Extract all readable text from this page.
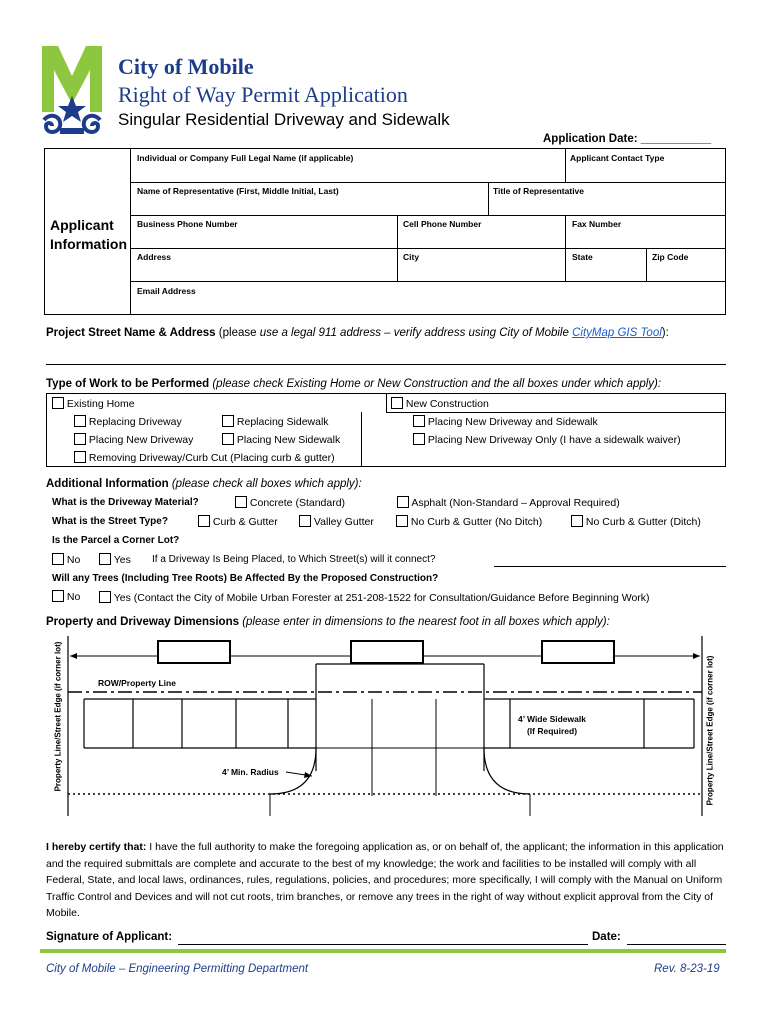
City of Mobile
Right of Way Permit Application
Singular Residential Driveway and Sidewalk
Application Date: ___________
Applicant
Information
Individual or Company Full Legal Name (if applicable)	Applicant Contact Type
Name of Representative (First, Middle Initial, Last)	Title of Representative
Business Phone Number	Cell Phone Number	Fax Number
Address	City	State	Zip Code
Email Address
Project Street Name & Address (please use a legal 911 address – verify address using City of Mobile CityMap GIS Tool):
Type of Work to be Performed (please check Existing Home or New Construction and the all boxes under which apply):
Existing Home	New Construction
Replacing Driveway	Replacing Sidewalk
Placing New Driveway	Placing New Sidewalk
Removing Driveway/Curb Cut (Placing curb & gutter)
Placing New Driveway and Sidewalk
Placing New Driveway Only (I have a sidewalk waiver)
Additional Information (please check all boxes which apply):
What is the Driveway Material?	Concrete (Standard)	Asphalt (Non-Standard – Approval Required)
What is the Street Type?	Curb & Gutter	Valley Gutter	No Curb & Gutter (No Ditch)	No Curb & Gutter (Ditch)
Is the Parcel a Corner Lot?
No	Yes If a Driveway Is Being Placed, to Which Street(s) will it connect?
Will any Trees (Including Tree Roots) Be Affected By the Proposed Construction?
No	Yes (Contact the City of Mobile Urban Forester at 251-208-1522 for Consultation/Guidance Before Beginning Work)
Property and Driveway Dimensions (please enter in dimensions to the nearest foot in all boxes which apply):
Property Line/Street Edge (if corner lot)	Property Line/Street Edge (if corner lot)
ROW/Property Line
4’ Wide Sidewalk
(If Required)
4’ Min. Radius
I hereby certify that: I have the full authority to make the foregoing application as, or on behalf of, the applicant; the information in this application and the required submittals are complete and accurate to the best of my knowledge; the work and facilities to be installed will comply with all Federal, State, and local laws, ordinances, rules, regulations, policies, and procedures; more specifically, I will comply with the Manual on Uniform Traffic Control and Devices and will not cut roots, trim branches, or remove any trees in the right of way without explicit approval from the City of Mobile.
Signature of Applicant:	Date:
City of Mobile – Engineering Permitting Department	Rev. 8-23-19
